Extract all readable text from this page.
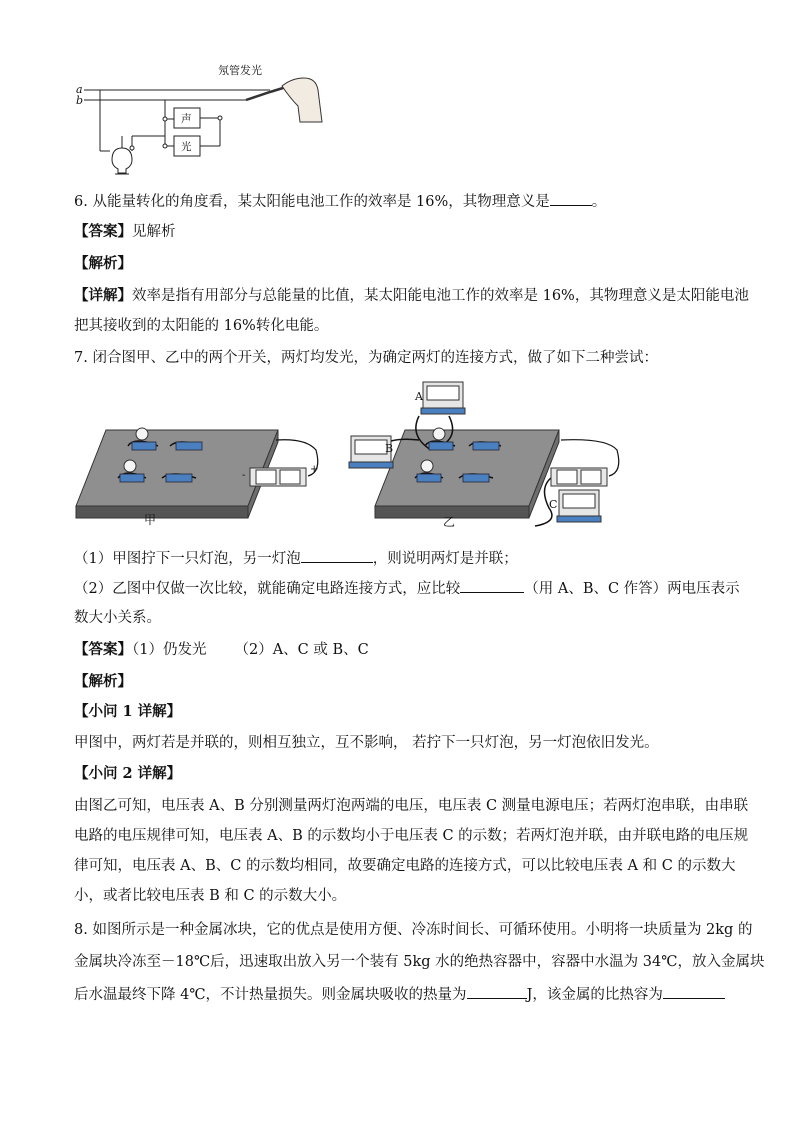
a
b
氖管发光
声
光
6. 从能量转化的角度看，某太阳能电池工作的效率是 16%，其物理意义是	。
【答案】见解析
【解析】
【详解】效率是指有用部分与总能量的比值，某太阳能电池工作的效率是 16%，其物理意义是太阳能电池
把其接收到的太阳能的 16%转化电能。
7. 闭合图甲、乙中的两个开关，两灯均发光，为确定两灯的连接方式，做了如下二种尝试：
-
+
甲
A
B
C
乙
（1）甲图拧下一只灯泡，另一灯泡	，则说明两灯是并联；
（2）乙图中仅做一次比较，就能确定电路连接方式，应比较	（用 A、B、C 作答）两电压表示
数大小关系。
【答案】（1）仍发光 （2）A、C 或 B、C
【解析】
【小问 1 详解】
甲图中，两灯若是并联的，则相互独立，互不影响， 若拧下一只灯泡，另一灯泡依旧发光。
【小问 2 详解】
由图乙可知，电压表 A、B 分别测量两灯泡两端的电压，电压表 C 测量电源电压；若两灯泡串联，由串联
电路的电压规律可知，电压表 A、B 的示数均小于电压表 C 的示数；若两灯泡并联，由并联电路的电压规
律可知，电压表 A、B、C 的示数均相同，故要确定电路的连接方式，可以比较电压表 A 和 C 的示数大
小，或者比较电压表 B 和 C 的示数大小。
8. 如图所示是一种金属冰块，它的优点是使用方便、冷冻时间长、可循环使用。小明将一块质量为 2kg 的
金属块冷冻至－18℃后，迅速取出放入另一个装有 5kg 水的绝热容器中，容器中水温为 34℃，放入金属块
后水温最终下降 4℃，不计热量损失。则金属块吸收的热量为	J，该金属的比热容为
